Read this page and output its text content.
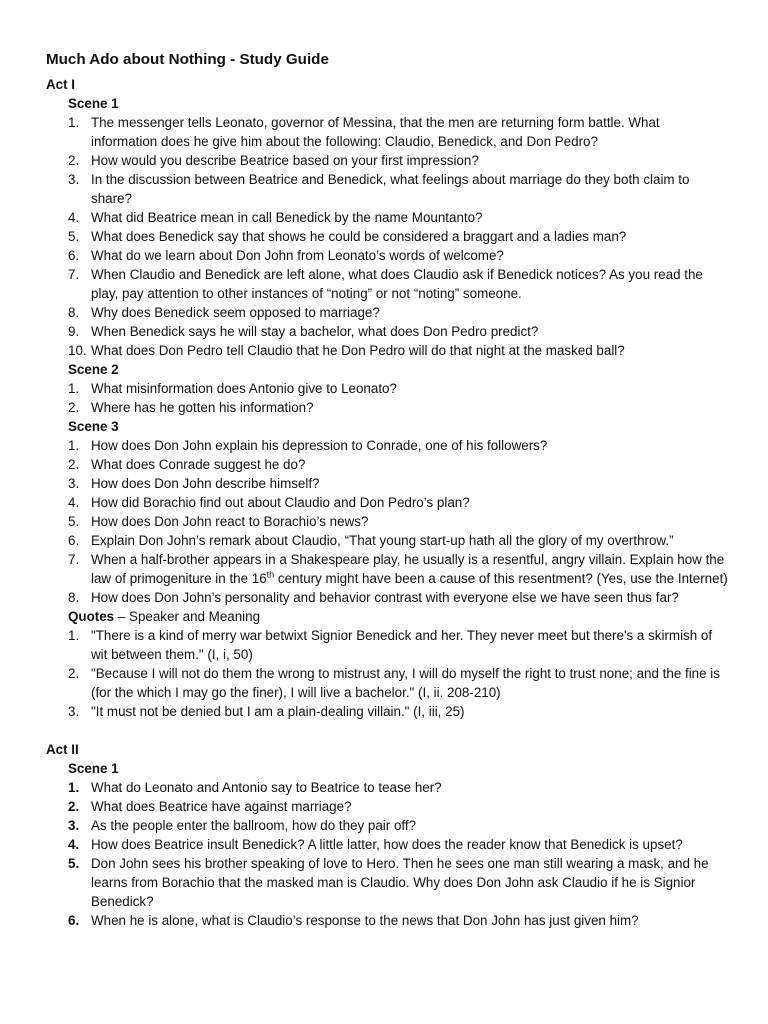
Much Ado about Nothing - Study Guide
Act I
Scene 1
1. The messenger tells Leonato, governor of Messina, that the men are returning form battle. What information does he give him about the following: Claudio, Benedick, and Don Pedro?
2. How would you describe Beatrice based on your first impression?
3. In the discussion between Beatrice and Benedick, what feelings about marriage do they both claim to share?
4. What did Beatrice mean in call Benedick by the name Mountanto?
5. What does Benedick say that shows he could be considered a braggart and a ladies man?
6. What do we learn about Don John from Leonato’s words of welcome?
7. When Claudio and Benedick are left alone, what does Claudio ask if Benedick notices? As you read the play, pay attention to other instances of “noting” or not “noting” someone.
8. Why does Benedick seem opposed to marriage?
9. When Benedick says he will stay a bachelor, what does Don Pedro predict?
10. What does Don Pedro tell Claudio that he Don Pedro will do that night at the masked ball?
Scene 2
1. What misinformation does Antonio give to Leonato?
2. Where has he gotten his information?
Scene 3
1. How does Don John explain his depression to Conrade, one of his followers?
2. What does Conrade suggest he do?
3. How does Don John describe himself?
4. How did Borachio find out about Claudio and Don Pedro’s plan?
5. How does Don John react to Borachio’s news?
6. Explain Don John’s remark about Claudio, “That young start-up hath all the glory of my overthrow.”
7. When a half-brother appears in a Shakespeare play, he usually is a resentful, angry villain. Explain how the law of primogeniture in the 16th century might have been a cause of this resentment? (Yes, use the Internet)
8. How does Don John’s personality and behavior contrast with everyone else we have seen thus far?
Quotes – Speaker and Meaning
1. "There is a kind of merry war betwixt Signior Benedick and her. They never meet but there's a skirmish of wit between them." (I, i, 50)
2. "Because I will not do them the wrong to mistrust any, I will do myself the right to trust none; and the fine is (for the which I may go the finer), I will live a bachelor." (I, ii. 208-210)
3. "It must not be denied but I am a plain-dealing villain." (I, iii, 25)
Act II
Scene 1
1. What do Leonato and Antonio say to Beatrice to tease her?
2. What does Beatrice have against marriage?
3. As the people enter the ballroom, how do they pair off?
4. How does Beatrice insult Benedick? A little latter, how does the reader know that Benedick is upset?
5. Don John sees his brother speaking of love to Hero. Then he sees one man still wearing a mask, and he learns from Borachio that the masked man is Claudio. Why does Don John ask Claudio if he is Signior Benedick?
6. When he is alone, what is Claudio’s response to the news that Don John has just given him?
